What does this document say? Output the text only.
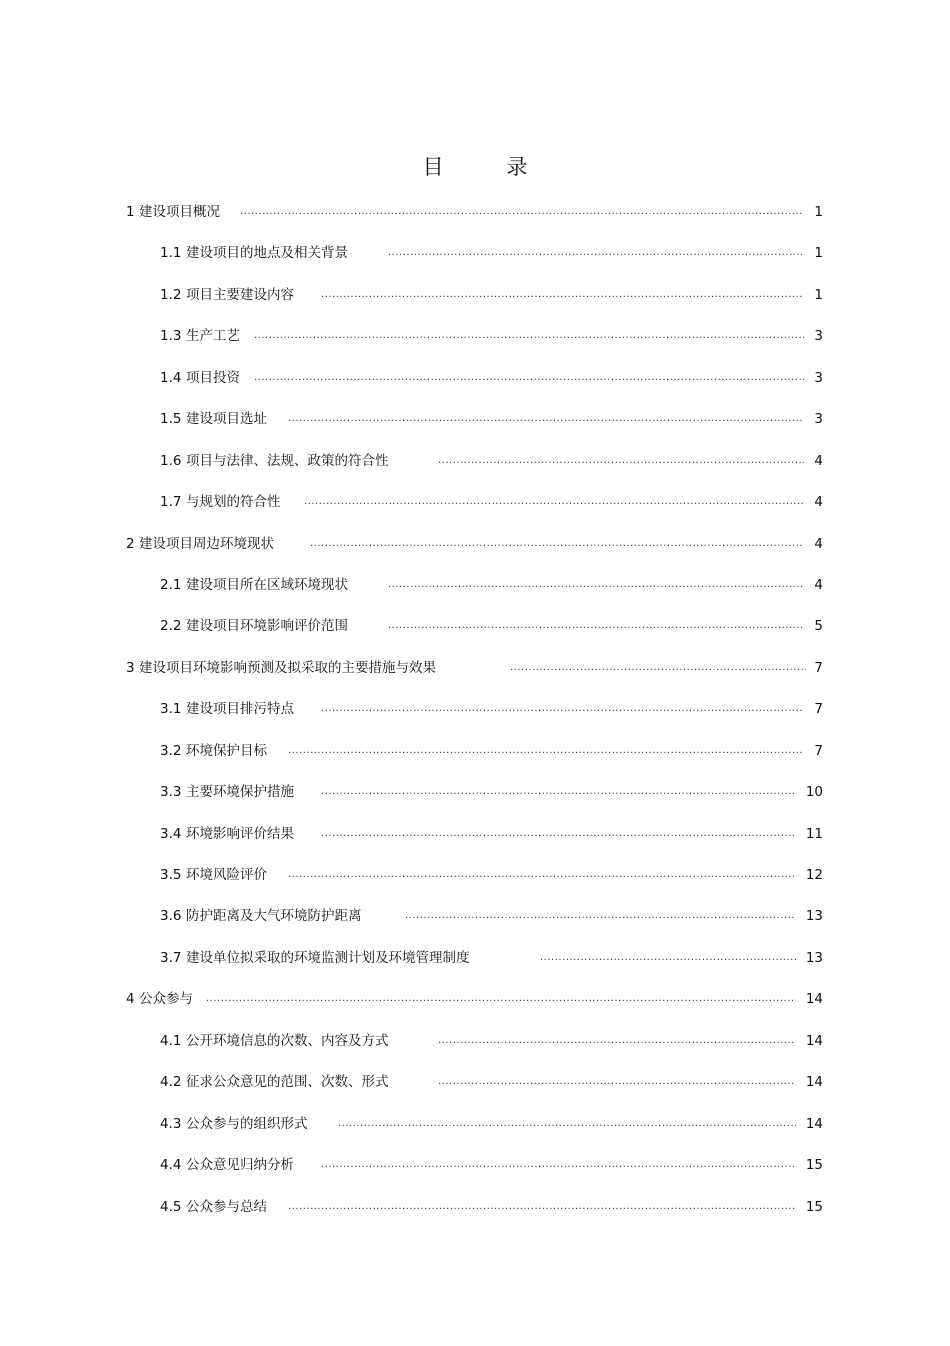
目 录
1 建设项目概况 .....	1
1.1 建设项目的地点及相关背景 .....	1
1.2 项目主要建设内容 .....	1
1.3 生产工艺 .....	3
1.4 项目投资 .....	3
1.5 建设项目选址 .....	3
1.6 项目与法律、法规、政策的符合性 .....	4
1.7 与规划的符合性 .....	4
2 建设项目周边环境现状 .....	4
2.1 建设项目所在区域环境现状 .....	4
2.2 建设项目环境影响评价范围 .....	5
3 建设项目环境影响预测及拟采取的主要措施与效果 .....	7
3.1 建设项目排污特点 .....	7
3.2 环境保护目标 .....	7
3.3 主要环境保护措施 .....	10
3.4 环境影响评价结果 .....	11
3.5 环境风险评价 .....	12
3.6 防护距离及大气环境防护距离 .....	13
3.7 建设单位拟采取的环境监测计划及环境管理制度 .....	13
4 公众参与 .....	14
4.1 公开环境信息的次数、内容及方式 .....	14
4.2 征求公众意见的范围、次数、形式 .....	14
4.3 公众参与的组织形式 .....	14
4.4 公众意见归纳分析 .....	15
4.5 公众参与总结 .....	15
